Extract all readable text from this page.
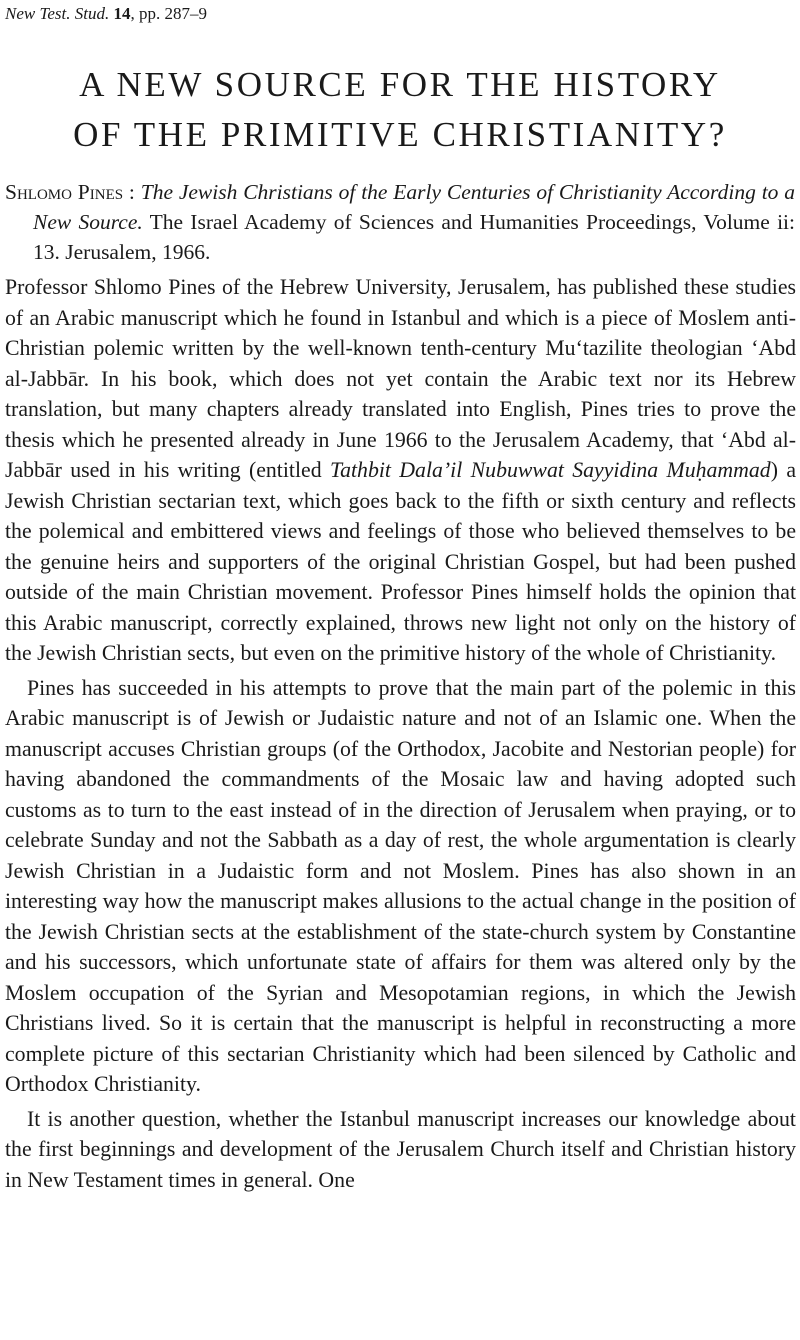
New Test. Stud. 14, pp. 287–9
A NEW SOURCE FOR THE HISTORY
OF THE PRIMITIVE CHRISTIANITY?
Shlomo Pines : The Jewish Christians of the Early Centuries of Christianity According to a New Source. The Israel Academy of Sciences and Humanities Proceedings, Volume ii: 13. Jerusalem, 1966.

Professor Shlomo Pines of the Hebrew University, Jerusalem, has published these studies of an Arabic manuscript which he found in Istanbul and which is a piece of Moslem anti-Christian polemic written by the well-known tenth-century Mu‘tazilite theologian ‘Abd al-Jabbār. In his book, which does not yet contain the Arabic text nor its Hebrew translation, but many chapters already translated into English, Pines tries to prove the thesis which he presented already in June 1966 to the Jerusalem Academy, that ‘Abd al-Jabbār used in his writing (entitled Tathbit Dala’il Nubuwwat Sayyidina Muḥammad) a Jewish Christian sectarian text, which goes back to the fifth or sixth century and reflects the polemical and embittered views and feelings of those who believed themselves to be the genuine heirs and supporters of the original Christian Gospel, but had been pushed outside of the main Christian movement. Professor Pines himself holds the opinion that this Arabic manuscript, correctly explained, throws new light not only on the history of the Jewish Christian sects, but even on the primitive history of the whole of Christianity.

Pines has succeeded in his attempts to prove that the main part of the polemic in this Arabic manuscript is of Jewish or Judaistic nature and not of an Islamic one. When the manuscript accuses Christian groups (of the Orthodox, Jacobite and Nestorian people) for having abandoned the commandments of the Mosaic law and having adopted such customs as to turn to the east instead of in the direction of Jerusalem when praying, or to celebrate Sunday and not the Sabbath as a day of rest, the whole argumentation is clearly Jewish Christian in a Judaistic form and not Moslem. Pines has also shown in an interesting way how the manuscript makes allusions to the actual change in the position of the Jewish Christian sects at the establishment of the state-church system by Constantine and his successors, which unfortunate state of affairs for them was altered only by the Moslem occupation of the Syrian and Mesopotamian regions, in which the Jewish Christians lived. So it is certain that the manuscript is helpful in reconstructing a more complete picture of this sectarian Christianity which had been silenced by Catholic and Orthodox Christianity.

It is another question, whether the Istanbul manuscript increases our knowledge about the first beginnings and development of the Jerusalem Church itself and Christian history in New Testament times in general. One
